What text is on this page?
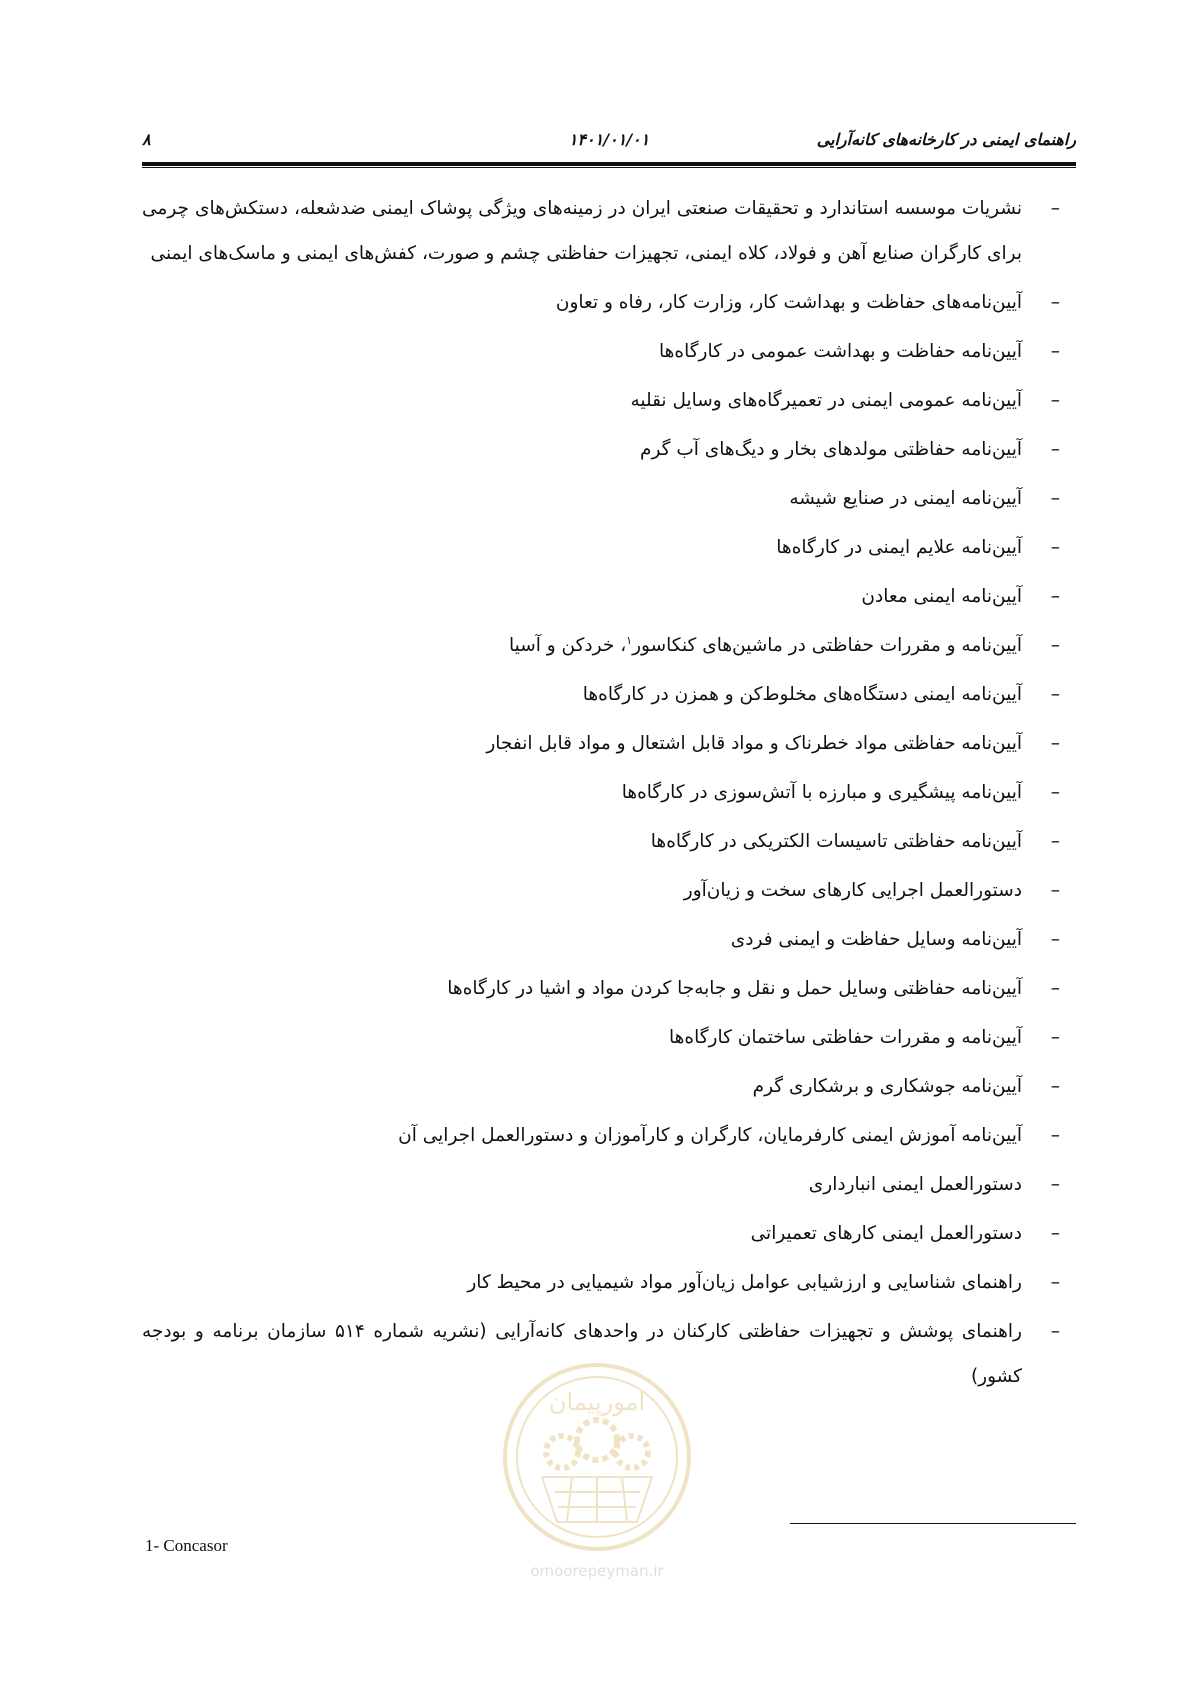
راهنمای ایمنی در کارخانه‌های کانه‌آرایی
۱۴۰۱/۰۱/۰۱
۸
–
نشریات موسسه استاندارد و تحقیقات صنعتی ایران در زمینه‌های ویژگی پوشاک ایمنی ضدشعله، دستکش‌های چرمی برای کارگران صنایع آهن و فولاد، کلاه ایمنی، تجهیزات حفاظتی چشم و صورت، کفش‌های ایمنی و ماسک‌های ایمنی
–
آیین‌نامه‌های حفاظت و بهداشت کار، وزارت کار، رفاه و تعاون
–
آیین‌نامه حفاظت و بهداشت عمومی در کارگاه‌ها
–
آیین‌نامه عمومی ایمنی در تعمیرگاه‌های وسایل نقلیه
–
آیین‌نامه حفاظتی مولدهای بخار و دیگ‌های آب گرم
–
آیین‌نامه ایمنی در صنایع شیشه
–
آیین‌نامه علایم ایمنی در کارگاه‌ها
–
آیین‌نامه ایمنی معادن
–
آیین‌نامه و مقررات حفاظتی در ماشین‌های کنکاسور$^۱$، خردکن و آسیا
–
آیین‌نامه ایمنی دستگاه‌های مخلوط‌کن و همزن در کارگاه‌ها
–
آیین‌نامه حفاظتی مواد خطرناک و مواد قابل اشتعال و مواد قابل انفجار
–
آیین‌نامه پیشگیری و مبارزه با آتش‌سوزی در کارگاه‌ها
–
آیین‌نامه حفاظتی تاسیسات الکتریکی در کارگاه‌ها
–
دستورالعمل اجرایی کارهای سخت و زیان‌آور
–
آیین‌نامه وسایل حفاظت و ایمنی فردی
–
آیین‌نامه حفاظتی وسایل حمل و نقل و جابه‌جا کردن مواد و اشیا در کارگاه‌ها
–
آیین‌نامه و مقررات حفاظتی ساختمان کارگاه‌ها
–
آیین‌نامه جوشکاری و برشکاری گرم
–
آیین‌نامه آموزش ایمنی کارفرمایان، کارگران و کارآموزان و دستورالعمل اجرایی آن
–
دستورالعمل ایمنی انبارداری
–
دستورالعمل ایمنی کارهای تعمیراتی
–
راهنمای شناسایی و ارزشیابی عوامل زیان‌آور مواد شیمیایی در محیط کار
–
راهنمای پوشش و تجهیزات حفاظتی کارکنان در واحدهای کانه‌آرایی (نشریه شماره ۵۱۴ سازمان برنامه و بودجه کشور)
امورپیمان
omoorepeyman.ir
1- Concasor
